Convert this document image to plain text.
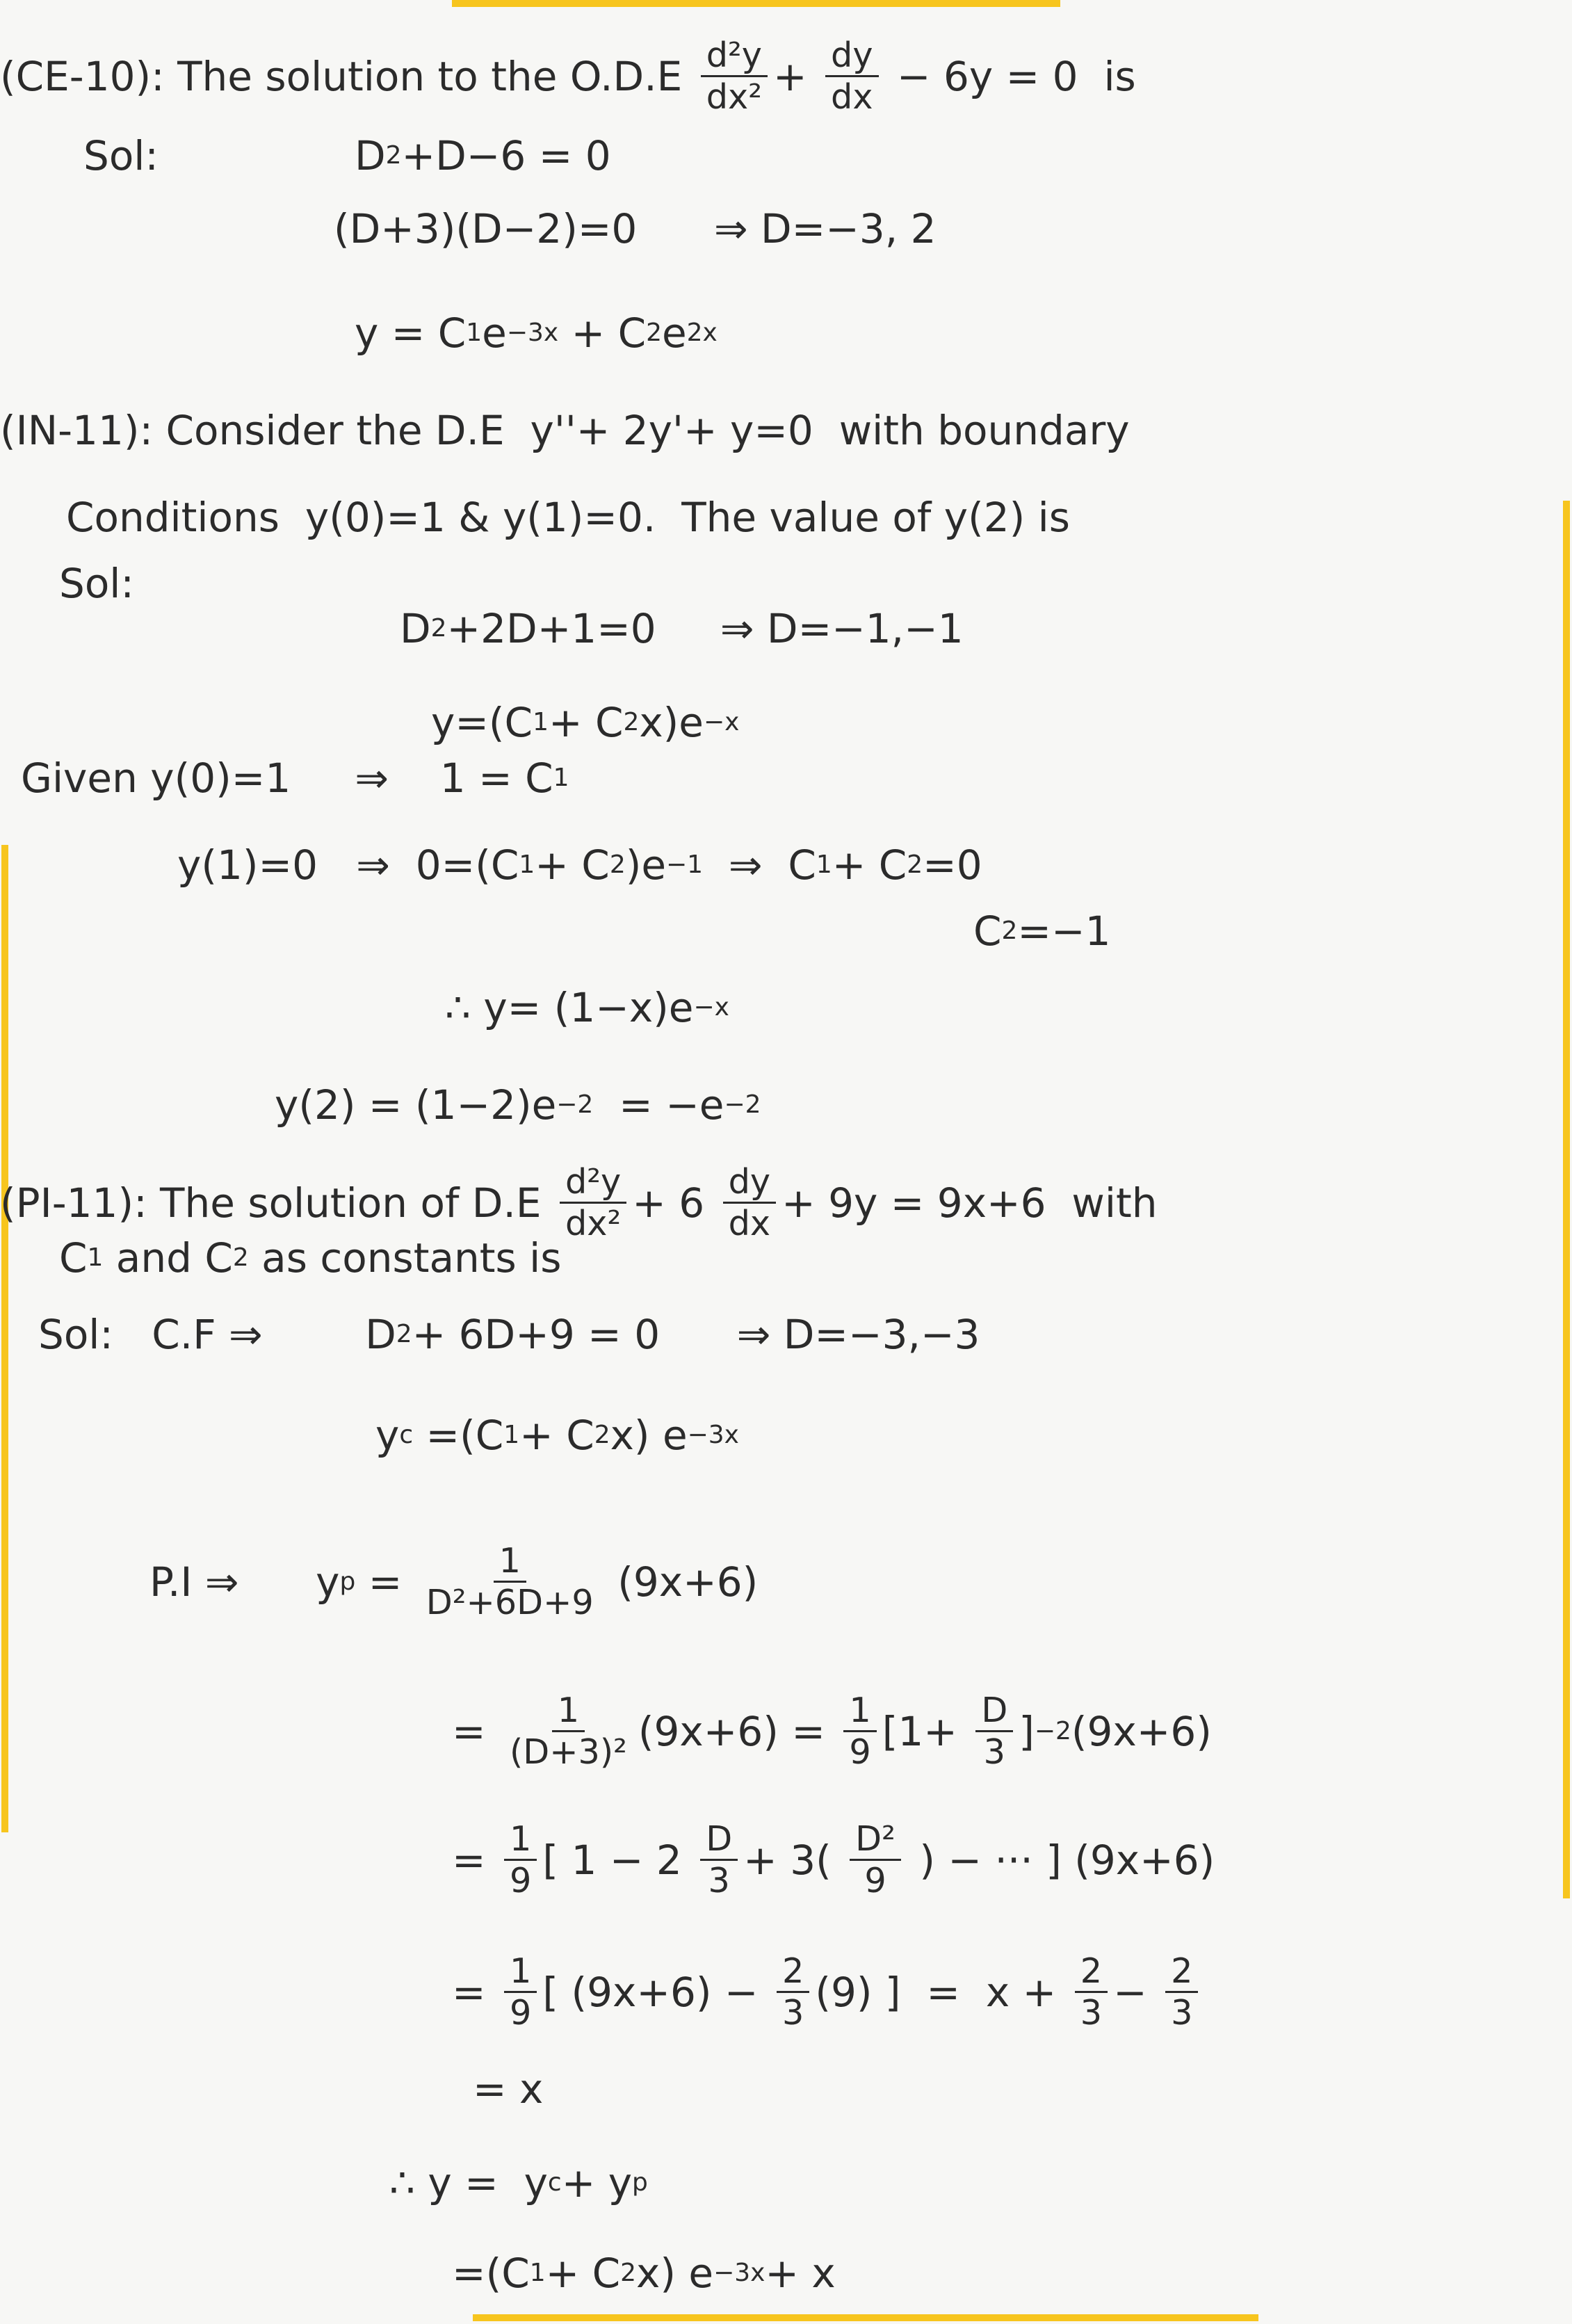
(CE-10): The solution to the $O.D.E \frac{\text{d²y}}{\text{dx²}} + \frac{dy}{dx} - 6y = 0$  is
Sol:	D 2 +D−6 = 0
(D+3)(D−2)=0      ⇒ D=−3, 2
y = C 1 e −3x + C 2 e 2x
(IN-11): Consider the D.E  y''+ 2y'+ y=0  with boundary
Conditions  y(0)=1 & y(1)=0.  The value of y(2) is
Sol:
D 2 +2D+1=0     ⇒ D=−1,−1
y=(C 1 + C 2 x)e −x
Given y(0)=1     ⇒    1 = C 1
y(1)=0   ⇒  0=(C 1 + C 2 )e −1 ⇒  C 1 + C 2 =0
C 2 =−1
∴ y= (1−x)e −x
y(2) = (1−2)e −2 = −e −2
(PI-11): The solution of $D.E \frac{\text{d²y}}{\text{dx²}} + 6 \frac{dy}{dx} + 9y = 9x+6$  with
C 1 and C 2 as constants is
Sol:   C.F ⇒        D 2 + 6D+9 = 0      ⇒ D=−3,−3
y c =(C 1 + C 2 x) e −3x
P.I ⇒      y $p = \frac{1}{\text{D²+6D+9}} (9x+6)$
= $\frac{1}{\text{(D+3)²}} (9x+6) = \frac{1}{9} [1+ \frac{D}{3}$ ] −2 (9x+6)
= $\frac{1}{9}$ [ $1 - 2 \frac{D}{3} + 3( \frac{\text{D²}}{9}$ ) − ··· ] (9x+6)
= $\frac{1}{9}$ [ $(9x+6) - \frac{2}{3} (9)$ ]  =  $x + \frac{2}{3} - \frac{2}{3}$
= x
∴ y =  y c + y p
=(C 1 + C 2 x) e −3x + x
